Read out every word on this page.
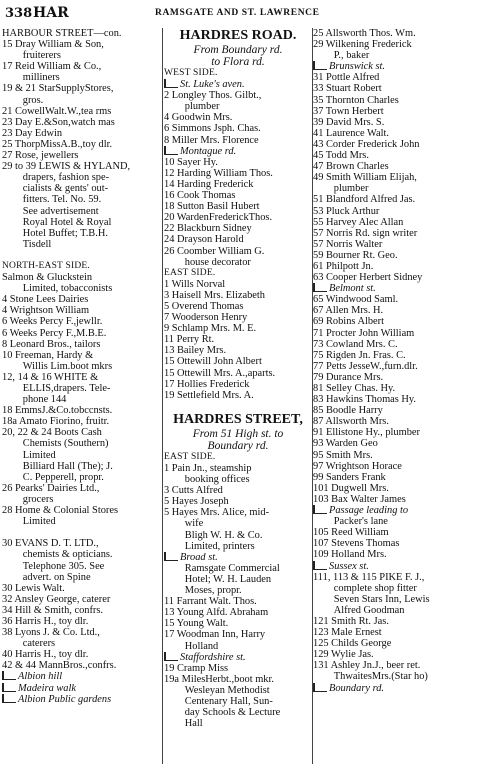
338 HAR	RAMSGATE AND ST. LAWRENCE
HARBOUR STREET—con.
15 Dray William & Son,
  fruiterers
17 Reid William & Co.,
  milliners
19 & 21 StarSupplyStores,
  gros.
21 CowellWalt.W.,tea rms
23 Day E.&Son,watch mas
23 Day Edwin
25 ThorpMissA.B.,toy dlr.
27 Rose, jewellers
29 to 39 LEWIS & HYLAND,
  drapers, fashion spe-
  cialists & gents' out-
  fitters. Tel. No. 59.
  See advertisement
  Royal Hotel & Royal
  Hotel Buffet; T.B.H.
  Tisdell

NORTH-EAST SIDE.
Salmon & Gluckstein
  Limited, tobacconists
4 Stone Lees Dairies
4 Wrightson William
6 Weeks Percy F.,jewllr.
6 Weeks Percy F.,M.B.E.
8 Leonard Bros., tailors
10 Freeman, Hardy &
  Willis Lim.boot mkrs
12, 14 & 16 WHITE &
  ELLIS,drapers. Tele-
  phone 144
18 EmmsJ.&Co.tobccnsts.
18a Amato Fiorino, fruitr.
20, 22 & 24 Boots Cash
  Chemists (Southern)
  Limited
  Billiard Hall (The); J.
  C. Pepperell, propr.
26 Pearks' Dairies Ltd.,
  grocers
28 Home & Colonial Stores
  Limited

30 EVANS D. T. LTD.,
  chemists & opticians.
  Telephone 305. See
  advert. on Spine
30 Lewis Walt.
32 Ansley George, caterer
34 Hill & Smith, confrs.
36 Harris H., toy dlr.
38 Lyons J. & Co. Ltd.,
  caterers
40 Harris H., toy dlr.
42 & 44 MannBros.,confrs.
Albion hill
Madeira walk
Albion Public gardens
HARDRES ROAD.
From Boundary rd.
to Flora rd.
WEST SIDE.
St. Luke's aven.
2 Longley Thos. Gilbt.,
  plumber
4 Goodwin Mrs.
6 Simmons Jsph. Chas.
8 Miller Mrs. Florence
Montague rd.
10 Sayer Hy.
12 Harding William Thos.
14 Harding Frederick
16 Cook Thomas
18 Sutton Basil Hubert
20 WardenFrederickThos.
22 Blackburn Sidney
24 Drayson Harold
26 Coomber William G.
  house decorator
EAST SIDE.
1 Wills Norval
3 Haisell Mrs. Elizabeth
5 Overend Thomas
7 Wooderson Henry
9 Schlamp Mrs. M. E.
11 Perry Rt.
13 Bailey Mrs.
15 Ottewill John Albert
15 Ottewill Mrs. A.,aparts.
17 Hollies Frederick
19 Settlefield Mrs. A.

HARDRES STREET,
From 51 High st. to
Boundary rd.
EAST SIDE.
1 Pain Jn., steamship
  booking offices
3 Cutts Alfred
5 Hayes Joseph
5 Hayes Mrs. Alice, mid-
  wife
  Bligh W. H. & Co.
  Limited, printers
Broad st.
  Ramsgate Commercial
  Hotel; W. H. Lauden
  Moses, propr.
11 Farrant Walt. Thos.
13 Young Alfd. Abraham
15 Young Walt.
17 Woodman Inn, Harry
  Holland
Staffordshire st.
19 Cramp Miss
19a MilesHerbt.,boot mkr.
  Wesleyan Methodist
  Centenary Hall, Sun-
  day Schools & Lecture
  Hall
25 Allsworth Thos. Wm.
29 Wilkening Frederick
  P., baker
Brunswick st.
31 Pottle Alfred
33 Stuart Robert
35 Thornton Charles
37 Town Herbert
39 David Mrs. S.
41 Laurence Walt.
43 Corder Frederick John
45 Todd Mrs.
47 Brown Charles
49 Smith William Elijah,
  plumber
51 Blandford Alfred Jas.
53 Pluck Arthur
55 Harvey Alec Allan
57 Norris Rd. sign writer
57 Norris Walter
59 Bourner Rt. Geo.
61 Philpott Jn.
63 Cooper Herbert Sidney
Belmont st.
65 Windwood Saml.
67 Allen Mrs. H.
69 Robins Albert
71 Procter John William
73 Cowland Mrs. C.
75 Rigden Jn. Fras. C.
77 Petts JesseW.,furn.dlr.
79 Durance Mrs.
81 Selley Chas. Hy.
83 Hawkins Thomas Hy.
85 Boodle Harry
87 Allsworth Mrs.
91 Ellistone Hy., plumber
93 Warden Geo
95 Smith Mrs.
97 Wrightson Horace
99 Sanders Frank
101 Dugwell Mrs.
103 Bax Walter James
Passage leading to
  Packer's lane
105 Reed William
107 Stevens Thomas
109 Holland Mrs.
Sussex st.
111, 113 & 115 PIKE F. J.,
  complete shop fitter
  Seven Stars Inn, Lewis
  Alfred Goodman
121 Smith Rt. Jas.
123 Male Ernest
125 Childs George
129 Wylie Jas.
131 Ashley Jn.J., beer ret.
  ThwaitesMrs.(Star ho)
Boundary rd.
